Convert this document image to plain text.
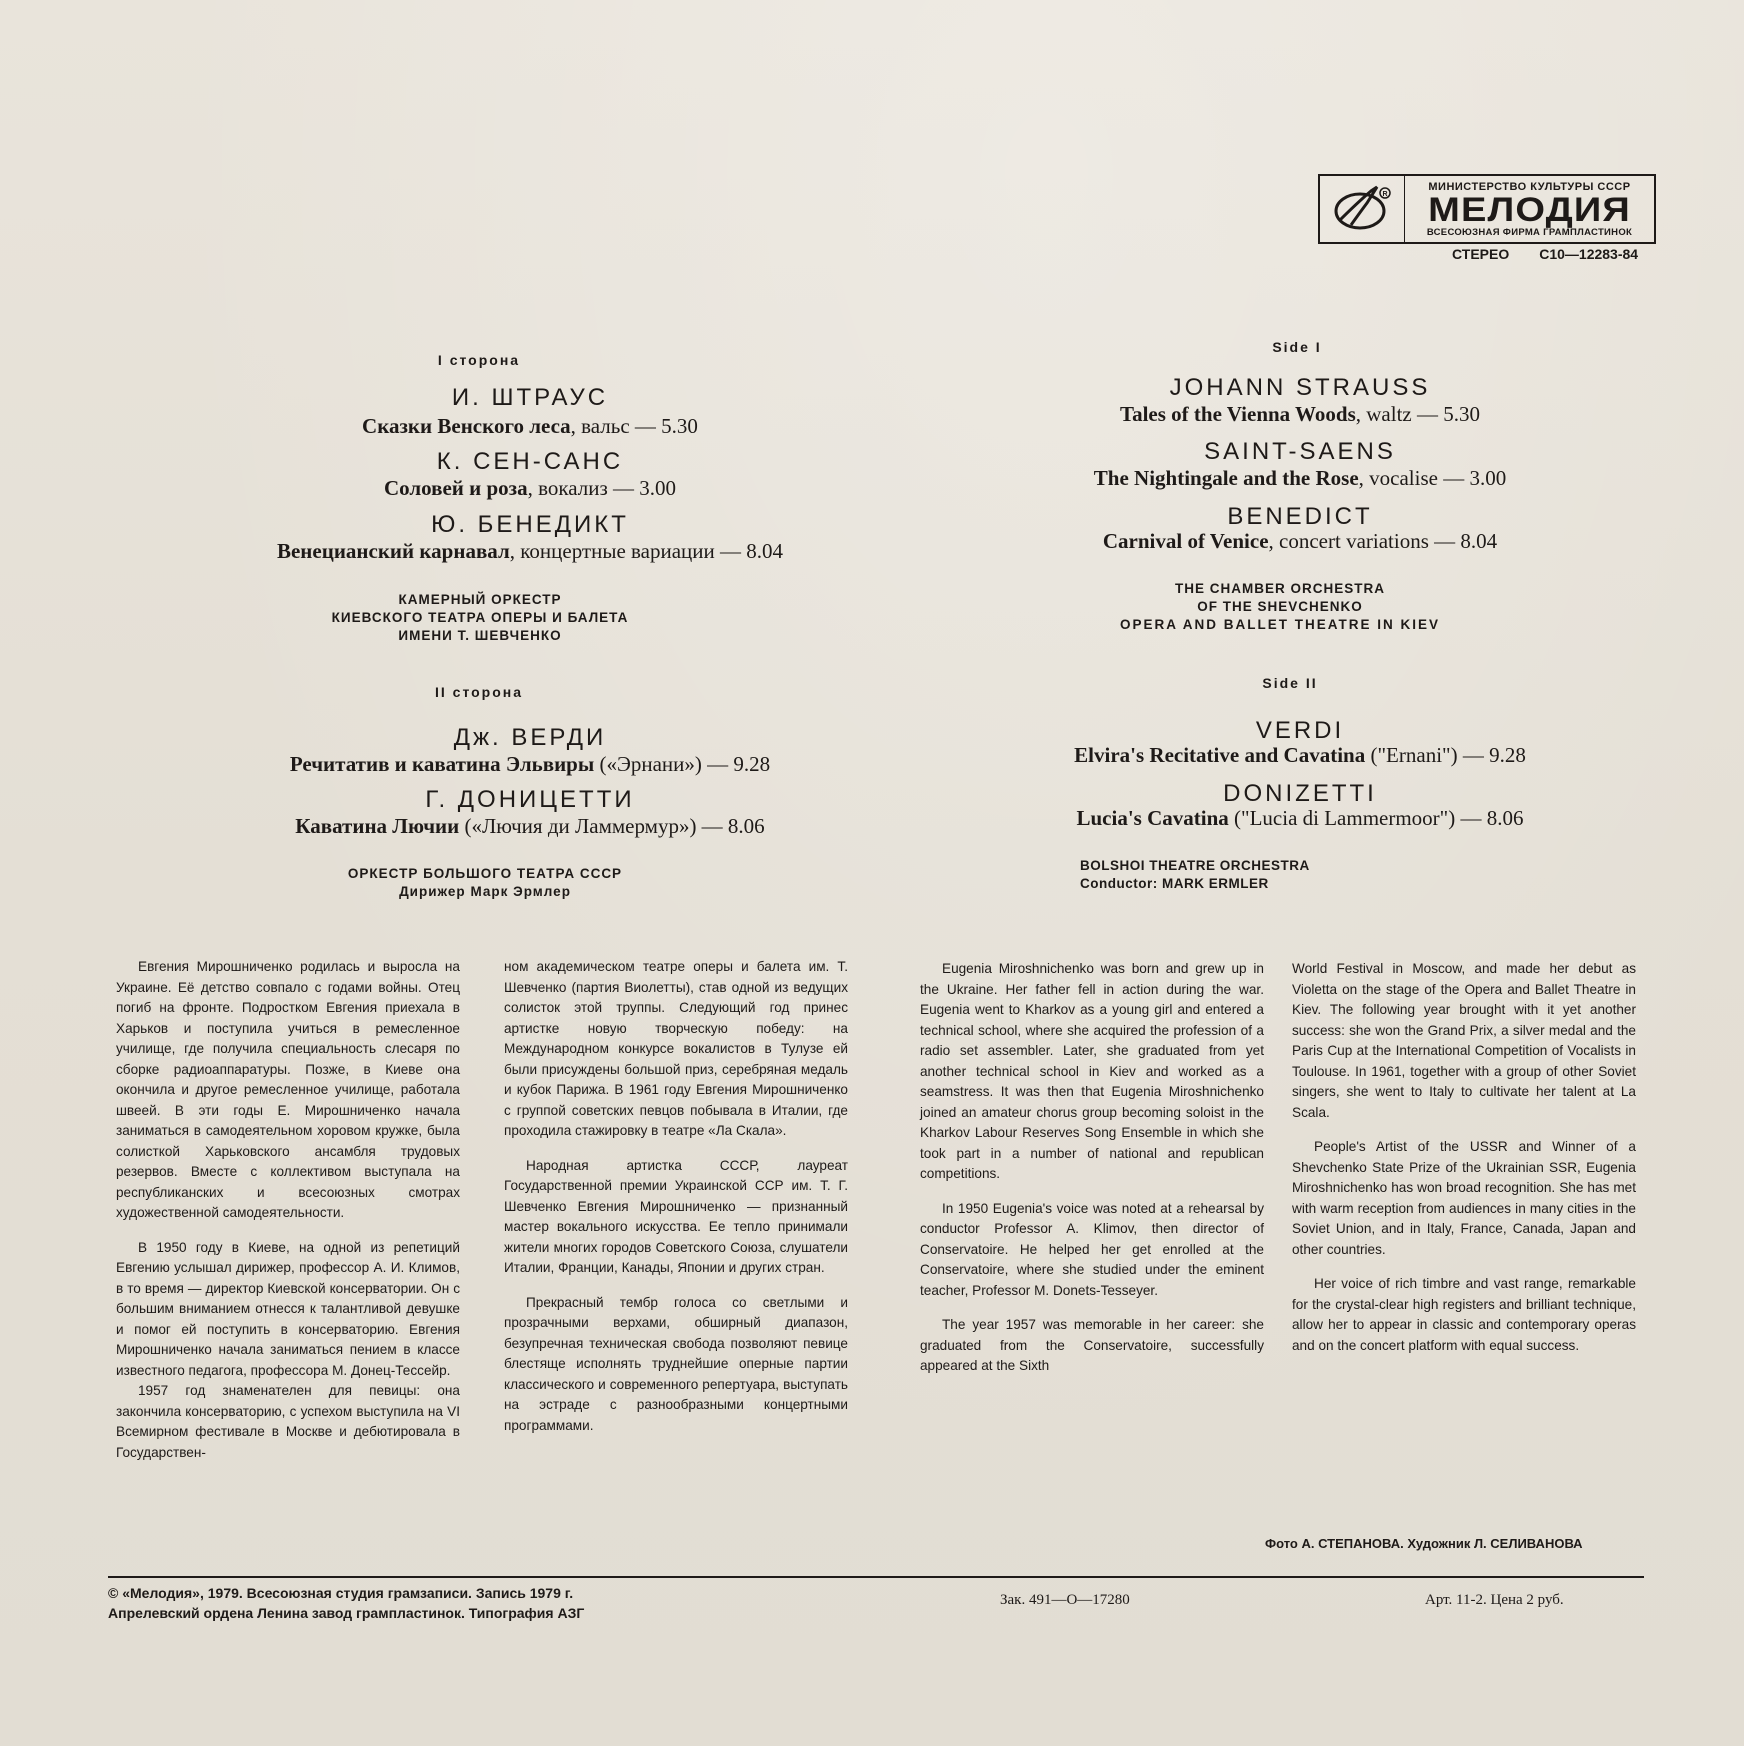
R
МИНИСТЕРСТВО КУЛЬТУРЫ СССР
МЕЛОДИЯ
ВСЕСОЮЗНАЯ ФИРМА ГРАМПЛАСТИНОК
СТЕРЕО С10—12283-84
I сторона
И. ШТРАУС
Сказки Венского леса, вальс — 5.30
К. СЕН-САНС
Соловей и роза, вокализ — 3.00
Ю. БЕНЕДИКТ
Венецианский карнавал, концертные вариации — 8.04
КАМЕРНЫЙ ОРКЕСТР
КИЕВСКОГО ТЕАТРА ОПЕРЫ И БАЛЕТА
ИМЕНИ Т. ШЕВЧЕНКО
II сторона
Дж. ВЕРДИ
Речитатив и каватина Эльвиры («Эрнани») — 9.28
Г. ДОНИЦЕТТИ
Каватина Лючии («Лючия ди Ламмермур») — 8.06
ОРКЕСТР БОЛЬШОГО ТЕАТРА СССР
Дирижер Марк Эрмлер
Side I
JOHANN STRAUSS
Tales of the Vienna Woods, waltz — 5.30
SAINT-SAENS
The Nightingale and the Rose, vocalise — 3.00
BENEDICT
Carnival of Venice, concert variations — 8.04
THE CHAMBER ORCHESTRA
OF THE SHEVCHENKO
OPERA AND BALLET THEATRE IN KIEV
Side II
VERDI
Elvira's Recitative and Cavatina ("Ernani") — 9.28
DONIZETTI
Lucia's Cavatina ("Lucia di Lammermoor") — 8.06
BOLSHOI THEATRE ORCHESTRA
Conductor: MARK ERMLER

Евгения Мирошниченко родилась и выросла на Украине. Её детство совпало с годами войны. Отец погиб на фронте. Подростком Евгения приехала в Харьков и поступила учиться в ремесленное училище, где получила специальность слесаря по сборке радиоаппаратуры. Позже, в Киеве она окончила и другое ремесленное училище, работала швеей. В эти годы Е. Мирошниченко начала заниматься в самодеятельном хоровом кружке, была солисткой Харьковского ансамбля трудовых резервов. Вместе с коллективом выступала на республиканских и всесоюзных смотрах художественной самодеятельности.

В 1950 году в Киеве, на одной из репетиций Евгению услышал дирижер, профессор А. И. Климов, в то время — директор Киевской консерватории. Он с большим вниманием отнесся к талантливой девушке и помог ей поступить в консерваторию. Евгения Мирошниченко начала заниматься пением в классе известного педагога, профессора М. Донец-Тессейр.

1957 год знаменателен для певицы: она закончила консерваторию, с успехом выступила на VI Всемирном фестивале в Москве и дебютировала в Государствен-

ном академическом театре оперы и балета им. Т. Шевченко (партия Виолетты), став одной из ведущих солисток этой труппы. Следующий год принес артистке новую творческую победу: на Международном конкурсе вокалистов в Тулузе ей были присуждены большой приз, серебряная медаль и кубок Парижа. В 1961 году Евгения Мирошниченко с группой советских певцов побывала в Италии, где проходила стажировку в театре «Ла Скала».

Народная артистка СССР, лауреат Государственной премии Украинской ССР им. Т. Г. Шевченко Евгения Мирошниченко — признанный мастер вокального искусства. Ее тепло принимали жители многих городов Советского Союза, слушатели Италии, Франции, Канады, Японии и других стран.

Прекрасный тембр голоса со светлыми и прозрачными верхами, обширный диапазон, безупречная техническая свобода позволяют певице блестяще исполнять труднейшие оперные партии классического и современного репертуара, выступать на эстраде с разнообразными концертными программами.

Eugenia Miroshnichenko was born and grew up in the Ukraine. Her father fell in action during the war. Eugenia went to Kharkov as a young girl and entered a technical school, where she acquired the profession of a radio set assembler. Later, she graduated from yet another technical school in Kiev and worked as a seamstress. It was then that Eugenia Miroshnichenko joined an amateur chorus group becoming soloist in the Kharkov Labour Reserves Song Ensemble in which she took part in a number of national and republican competitions.

In 1950 Eugenia's voice was noted at a rehearsal by conductor Professor A. Klimov, then director of Conservatoire. He helped her get enrolled at the Conservatoire, where she studied under the eminent teacher, Professor M. Donets-Tesseyer.

The year 1957 was memorable in her career: she graduated from the Conservatoire, successfully appeared at the Sixth

World Festival in Moscow, and made her debut as Violetta on the stage of the Opera and Ballet Theatre in Kiev. The following year brought with it yet another success: she won the Grand Prix, a silver medal and the Paris Cup at the International Competition of Vocalists in Toulouse. In 1961, together with a group of other Soviet singers, she went to Italy to cultivate her talent at La Scala.

People's Artist of the USSR and Winner of a Shevchenko State Prize of the Ukrainian SSR, Eugenia Miroshnichenko has won broad recognition. She has met with warm reception from audiences in many cities in the Soviet Union, and in Italy, France, Canada, Japan and other countries.

Her voice of rich timbre and vast range, remarkable for the crystal-clear high registers and brilliant technique, allow her to appear in classic and contemporary operas and on the concert platform with equal success.

Фото А. СТЕПАНОВА. Художник Л. СЕЛИВАНОВА
© «Мелодия», 1979. Всесоюзная студия грамзаписи. Запись 1979 г.
Апрелевский ордена Ленина завод грампластинок. Типография АЗГ
Зак. 491—О—17280	Арт. 11-2. Цена 2 руб.
